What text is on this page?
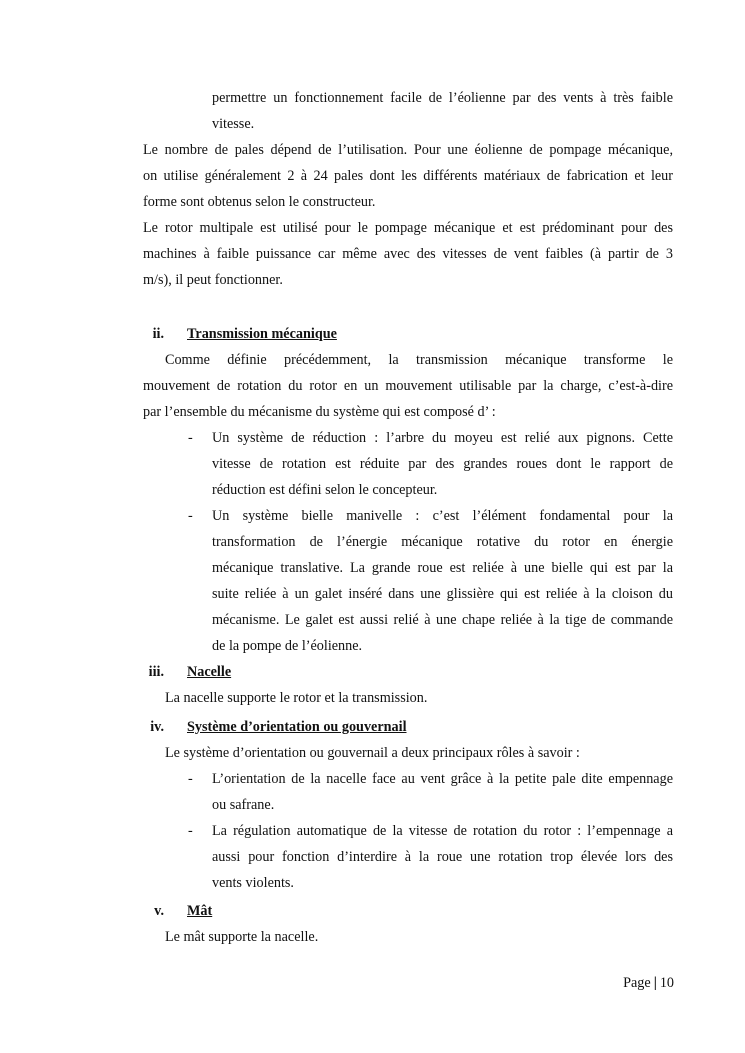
permettre un fonctionnement facile de l’éolienne par des vents à très faible

vitesse.

Le nombre de pales dépend de l’utilisation. Pour une éolienne de pompage mécanique,

on utilise généralement 2 à 24 pales dont les différents matériaux de fabrication et leur

forme sont obtenus selon le constructeur.

Le rotor multipale est utilisé pour le pompage mécanique et est prédominant pour des

machines à faible puissance car même avec des vitesses de vent faibles (à partir de 3

m/s), il peut fonctionner.

ii. Transmission mécanique

Comme définie précédemment, la transmission mécanique transforme le

mouvement de rotation du rotor en un mouvement utilisable par la charge, c’est-à-dire

par l’ensemble du mécanisme du système qui est composé d’ :

- Un système de réduction : l’arbre du moyeu est relié aux pignons. Cette

vitesse de rotation est réduite par des grandes roues dont le rapport de

réduction est défini selon le concepteur.

- Un système bielle manivelle : c’est l’élément fondamental pour la

transformation de l’énergie mécanique rotative du rotor en énergie

mécanique translative. La grande roue est reliée à une bielle qui est par la

suite reliée à un galet inséré dans une glissière qui est reliée à la cloison du

mécanisme. Le galet est aussi relié à une chape reliée à la tige de commande

de la pompe de l’éolienne.

iii. Nacelle

La nacelle supporte le rotor et la transmission.

iv. Système d’orientation ou gouvernail

Le système d’orientation ou gouvernail a deux principaux rôles à savoir :

- L’orientation de la nacelle face au vent grâce à la petite pale dite empennage

ou safrane.

- La régulation automatique de la vitesse de rotation du rotor : l’empennage a

aussi pour fonction d’interdire à la roue une rotation trop élevée lors des

vents violents.

v. Mât

Le mât supporte la nacelle.

Page | 10
